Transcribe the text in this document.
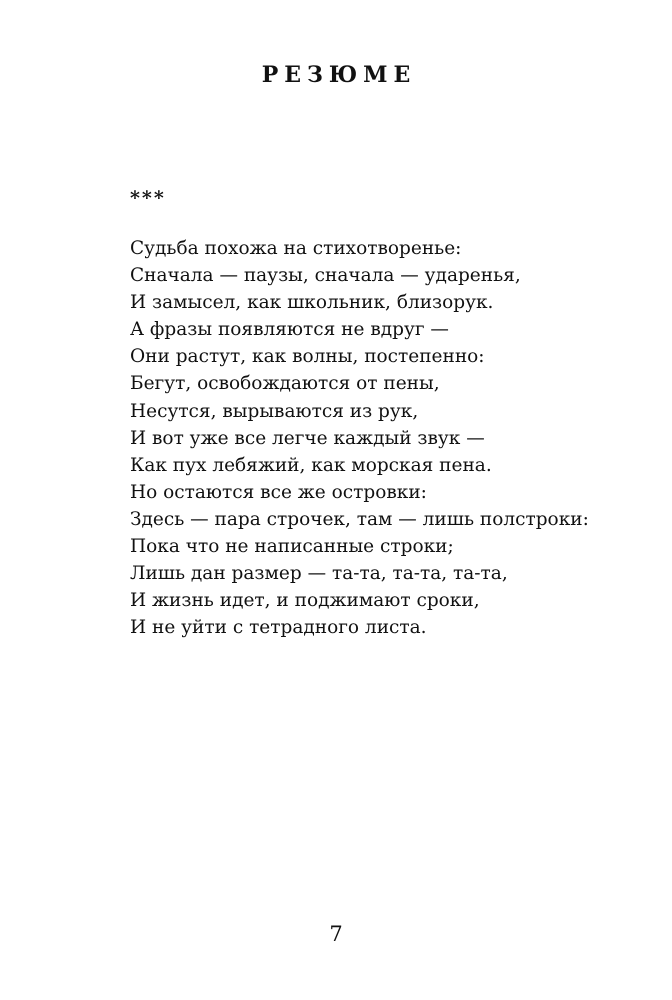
РЕЗЮМЕ

***

Судьба похожа на стихотворенье:
Сначала — паузы, сначала — ударенья,
И замысел, как школьник, близорук.
А фразы появляются не вдруг —
Они растут, как волны, постепенно:
Бегут, освобождаются от пены,
Несутся, вырываются из рук,
И вот уже все легче каждый звук —
Как пух лебяжий, как морская пена.
Но остаются все же островки:
Здесь — пара строчек, там — лишь полстроки:
Пока что не написанные строки;
Лишь дан размер — та-та, та-та, та-та,
И жизнь идет, и поджимают сроки,
И не уйти с тетрадного листа.

7
